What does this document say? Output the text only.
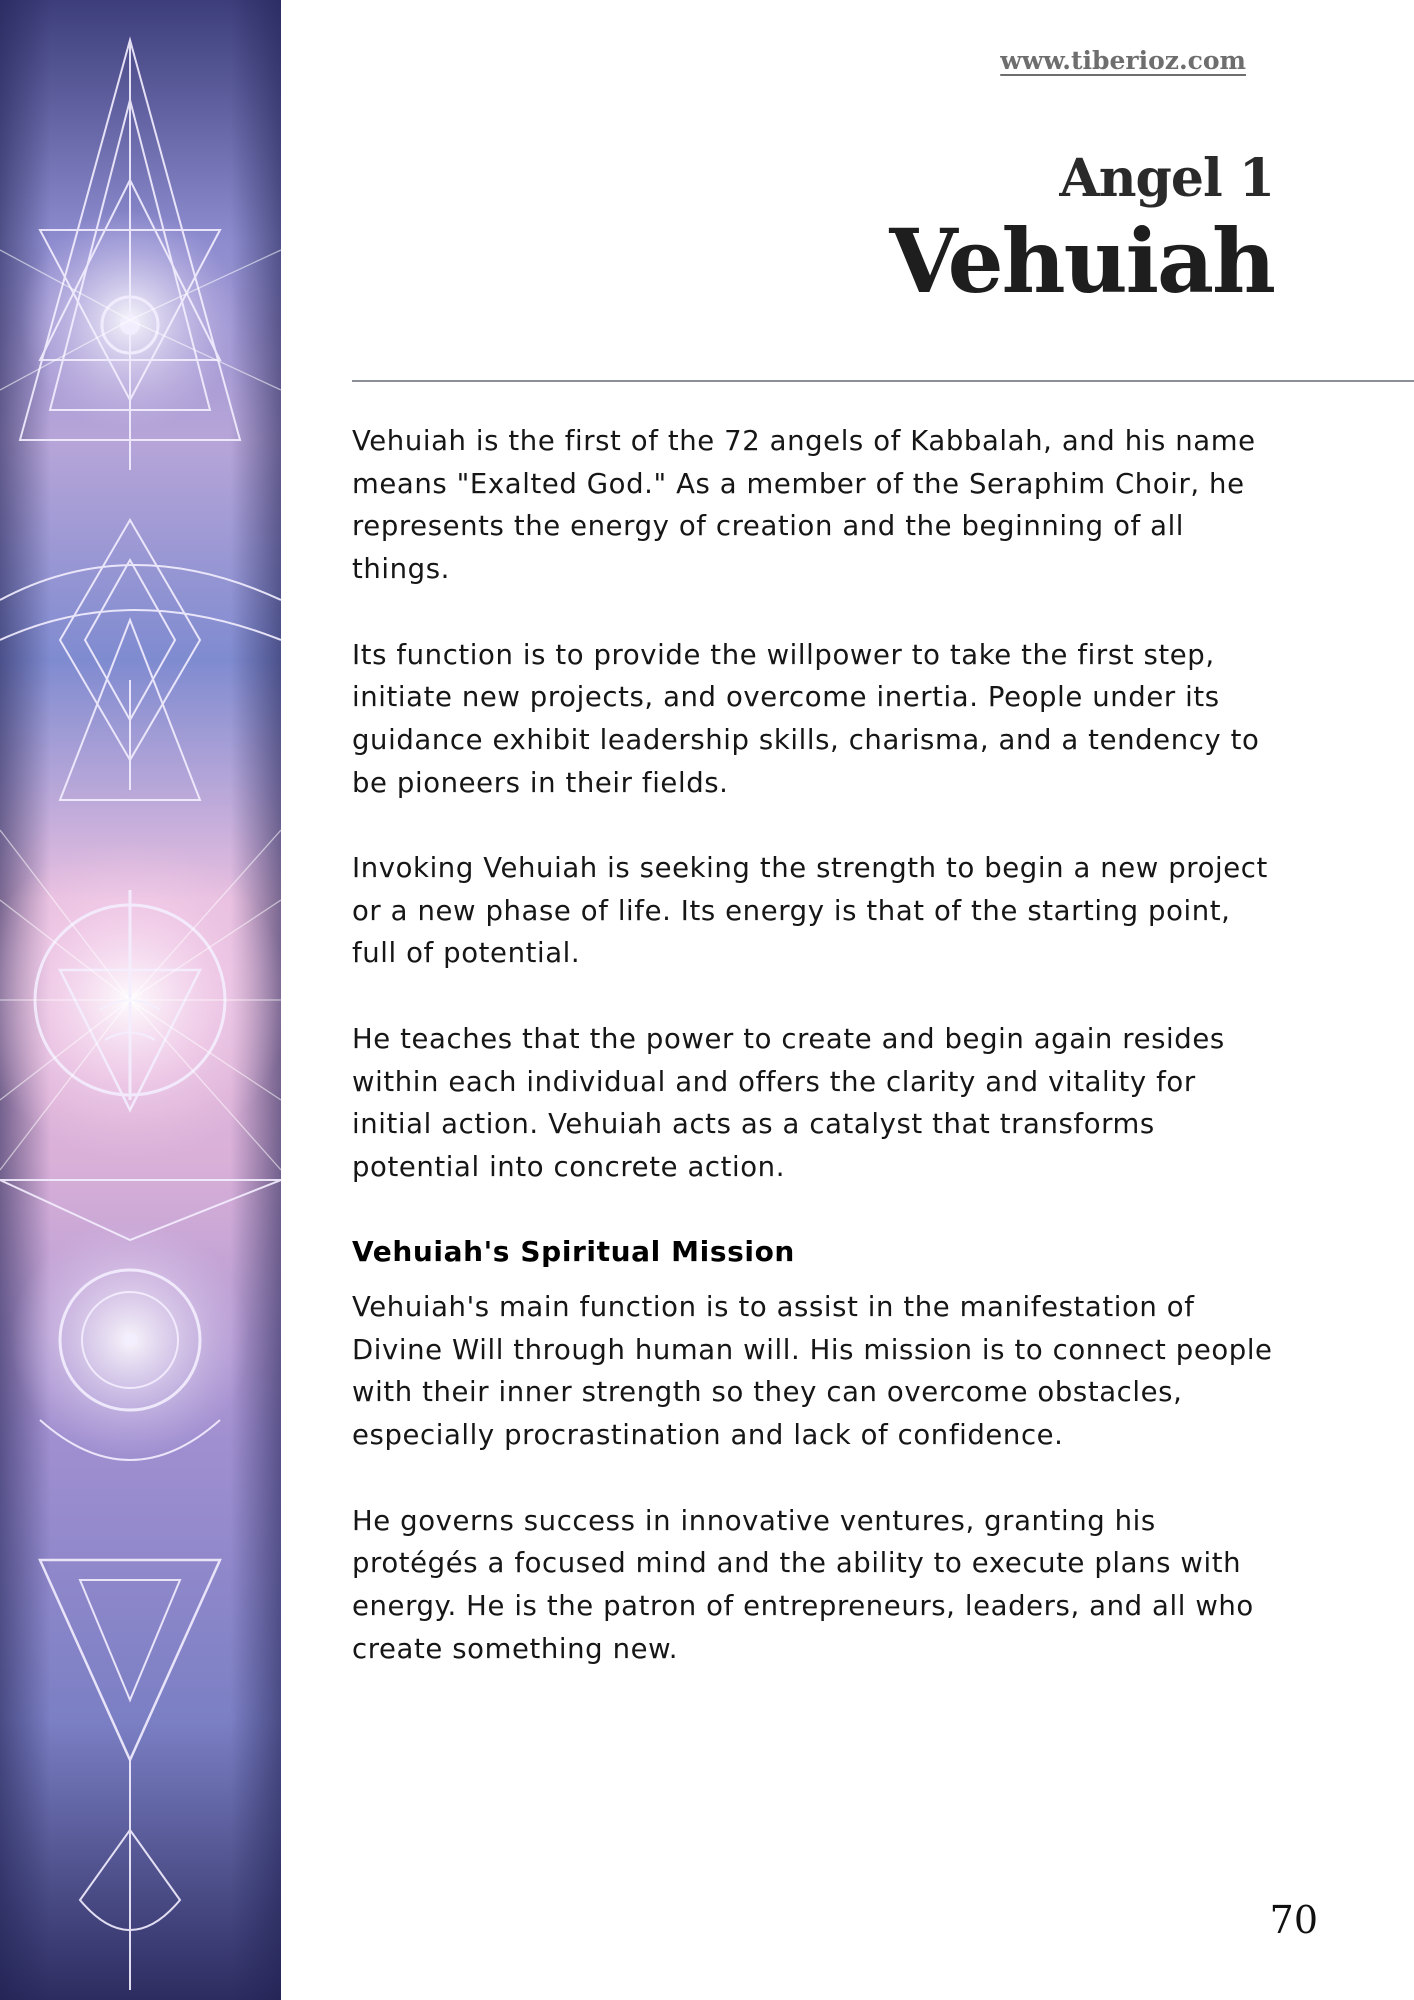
www.tiberioz.com
Angel 1
Vehuiah

Vehuiah is the first of the 72 angels of Kabbalah, and his name means "Exalted God." As a member of the Seraphim Choir, he represents the energy of creation and the beginning of all things.

Its function is to provide the willpower to take the first step, initiate new projects, and overcome inertia. People under its guidance exhibit leadership skills, charisma, and a tendency to be pioneers in their fields.

Invoking Vehuiah is seeking the strength to begin a new project or a new phase of life. Its energy is that of the starting point, full of potential.

He teaches that the power to create and begin again resides within each individual and offers the clarity and vitality for initial action. Vehuiah acts as a catalyst that transforms potential into concrete action.

Vehuiah's Spiritual Mission

Vehuiah's main function is to assist in the manifestation of Divine Will through human will. His mission is to connect people with their inner strength so they can overcome obstacles, especially procrastination and lack of confidence.

He governs success in innovative ventures, granting his protégés a focused mind and the ability to execute plans with energy. He is the patron of entrepreneurs, leaders, and all who create something new.

70
